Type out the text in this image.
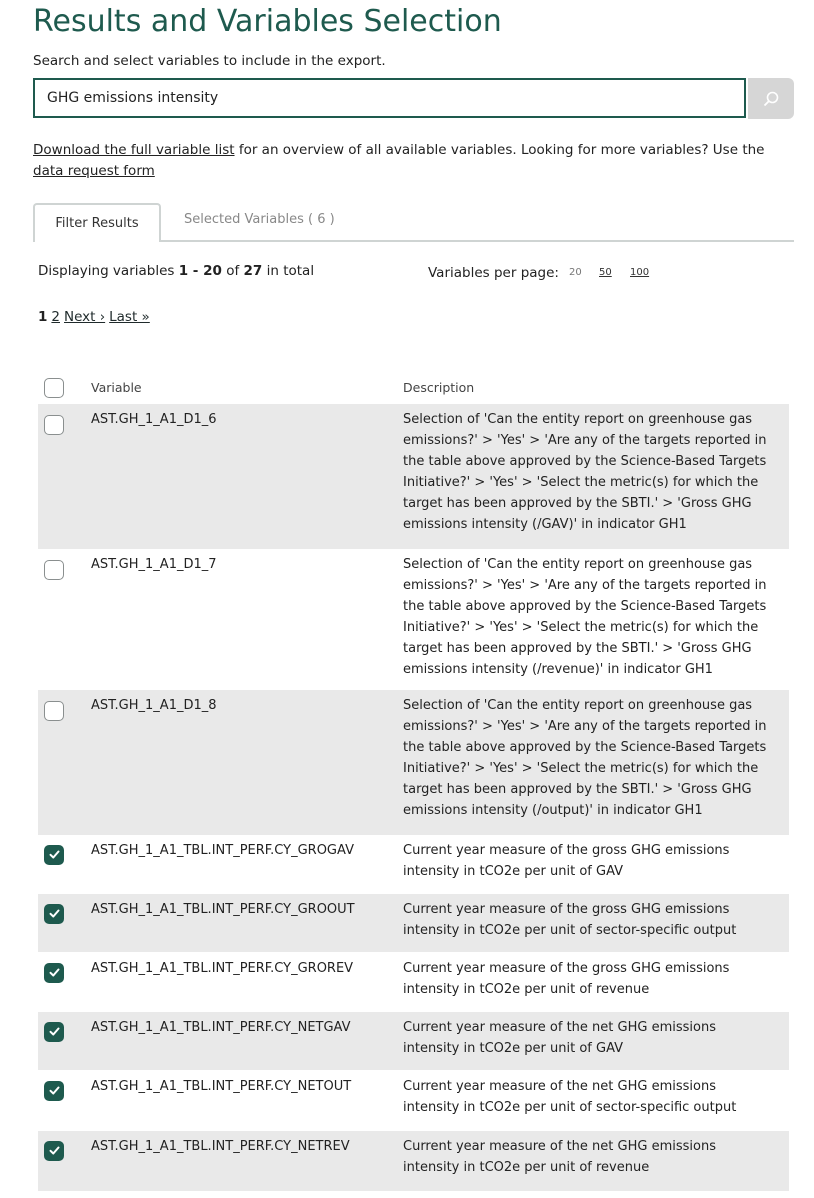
Results and Variables Selection
Search and select variables to include in the export.
GHG emissions intensity
Download the full variable list for an overview of all available variables. Looking for more variables? Use the data request form
Filter Results	Selected Variables ( 6 )
Displaying variables 1 - 20 of 27 in total	Variables per page: 20 50 100
1 2 Next › Last »
Variable	Description
AST.GH_1_A1_D1_6	Selection of 'Can the entity report on greenhouse gas emissions?' > 'Yes' > 'Are any of the targets reported in the table above approved by the Science-Based Targets Initiative?' > 'Yes' > 'Select the metric(s) for which the target has been approved by the SBTI.' > 'Gross GHG emissions intensity (/GAV)' in indicator GH1
AST.GH_1_A1_D1_7	Selection of 'Can the entity report on greenhouse gas emissions?' > 'Yes' > 'Are any of the targets reported in the table above approved by the Science-Based Targets Initiative?' > 'Yes' > 'Select the metric(s) for which the target has been approved by the SBTI.' > 'Gross GHG emissions intensity (/revenue)' in indicator GH1
AST.GH_1_A1_D1_8	Selection of 'Can the entity report on greenhouse gas emissions?' > 'Yes' > 'Are any of the targets reported in the table above approved by the Science-Based Targets Initiative?' > 'Yes' > 'Select the metric(s) for which the target has been approved by the SBTI.' > 'Gross GHG emissions intensity (/output)' in indicator GH1
AST.GH_1_A1_TBL.INT_PERF.CY_GROGAV	Current year measure of the gross GHG emissions intensity in tCO2e per unit of GAV
AST.GH_1_A1_TBL.INT_PERF.CY_GROOUT	Current year measure of the gross GHG emissions intensity in tCO2e per unit of sector-specific output
AST.GH_1_A1_TBL.INT_PERF.CY_GROREV	Current year measure of the gross GHG emissions intensity in tCO2e per unit of revenue
AST.GH_1_A1_TBL.INT_PERF.CY_NETGAV	Current year measure of the net GHG emissions intensity in tCO2e per unit of GAV
AST.GH_1_A1_TBL.INT_PERF.CY_NETOUT	Current year measure of the net GHG emissions intensity in tCO2e per unit of sector-specific output
AST.GH_1_A1_TBL.INT_PERF.CY_NETREV	Current year measure of the net GHG emissions intensity in tCO2e per unit of revenue
